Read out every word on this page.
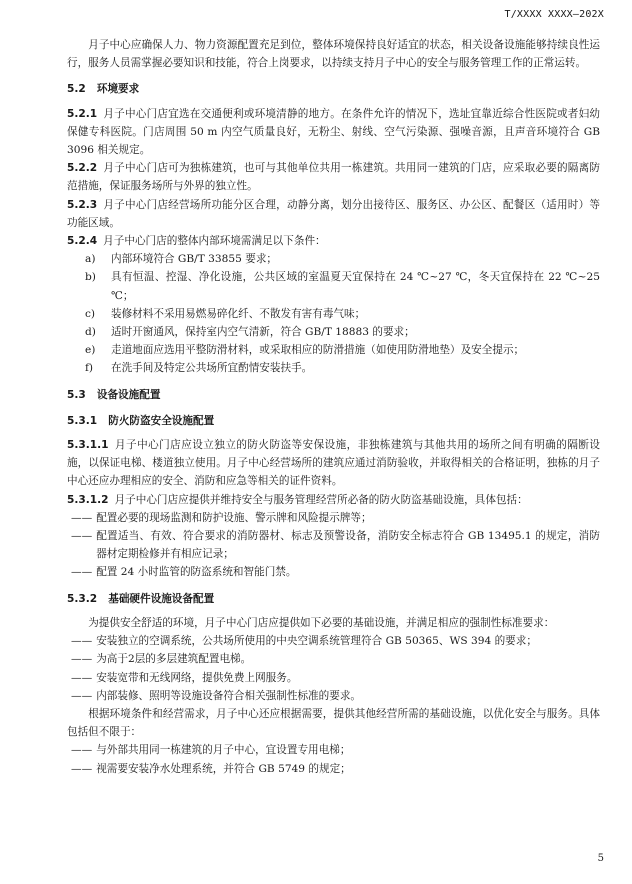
T/XXXX XXXX—202X

月子中心应确保人力、物力资源配置充足到位，整体环境保持良好适宜的状态，相关设备设施能够持续良性运行，服务人员需掌握必要知识和技能，符合上岗要求，以持续支持月子中心的安全与服务管理工作的正常运转。

5.2 环境要求

5.2.1 月子中心门店宜选在交通便利或环境清静的地方。在条件允许的情况下，选址宜靠近综合性医院或者妇幼保健专科医院。门店周围 50 m 内空气质量良好，无粉尘、射线、空气污染源、强噪音源，且声音环境符合 GB 3096 相关规定。

5.2.2 月子中心门店可为独栋建筑，也可与其他单位共用一栋建筑。共用同一建筑的门店，应采取必要的隔离防范措施，保证服务场所与外界的独立性。

5.2.3 月子中心门店经营场所功能分区合理，动静分离，划分出接待区、服务区、办公区、配餐区（适用时）等功能区域。

5.2.4 月子中心门店的整体内部环境需满足以下条件：

a)	内部环境符合 GB/T 33855 要求；
b)	具有恒温、控湿、净化设施，公共区域的室温夏天宜保持在 24 ℃~27 ℃，冬天宜保持在 22 ℃~25 ℃；
c)	装修材料不采用易燃易碎化纤、不散发有害有毒气味；
d)	适时开窗通风，保持室内空气清新，符合 GB/T 18883 的要求；
e)	走道地面应选用平整防滑材料，或采取相应的防滑措施（如使用防滑地垫）及安全提示；
f)	在洗手间及特定公共场所宜酌情安装扶手。
5.3 设备设施配置
5.3.1 防火防盗安全设施配置

5.3.1.1 月子中心门店应设立独立的防火防盗等安保设施，非独栋建筑与其他共用的场所之间有明确的隔断设施，以保证电梯、楼道独立使用。月子中心经营场所的建筑应通过消防验收，并取得相关的合格证明，独栋的月子中心还应办理相应的安全、消防和应急等相关的证件资料。

5.3.1.2 月子中心门店应提供并维持安全与服务管理经营所必备的防火防盗基础设施，具体包括：

—— 配置必要的现场监测和防护设施、警示牌和风险提示牌等；
—— 配置适当、有效、符合要求的消防器材、标志及预警设备，消防安全标志符合 GB 13495.1 的规定，消防器材定期检修并有相应记录；
—— 配置 24 小时监管的防盗系统和智能门禁。
5.3.2 基础硬件设施设备配置

为提供安全舒适的环境，月子中心门店应提供如下必要的基础设施，并满足相应的强制性标准要求：

—— 安装独立的空调系统，公共场所使用的中央空调系统管理符合 GB 50365、WS 394 的要求；
—— 为高于2层的多层建筑配置电梯。
—— 安装宽带和无线网络，提供免费上网服务。
—— 内部装修、照明等设施设备符合相关强制性标准的要求。

根据环境条件和经营需求，月子中心还应根据需要，提供其他经营所需的基础设施，以优化安全与服务。具体包括但不限于：

—— 与外部共用同一栋建筑的月子中心，宜设置专用电梯；
—— 视需要安装净水处理系统，并符合 GB 5749 的规定；
5
